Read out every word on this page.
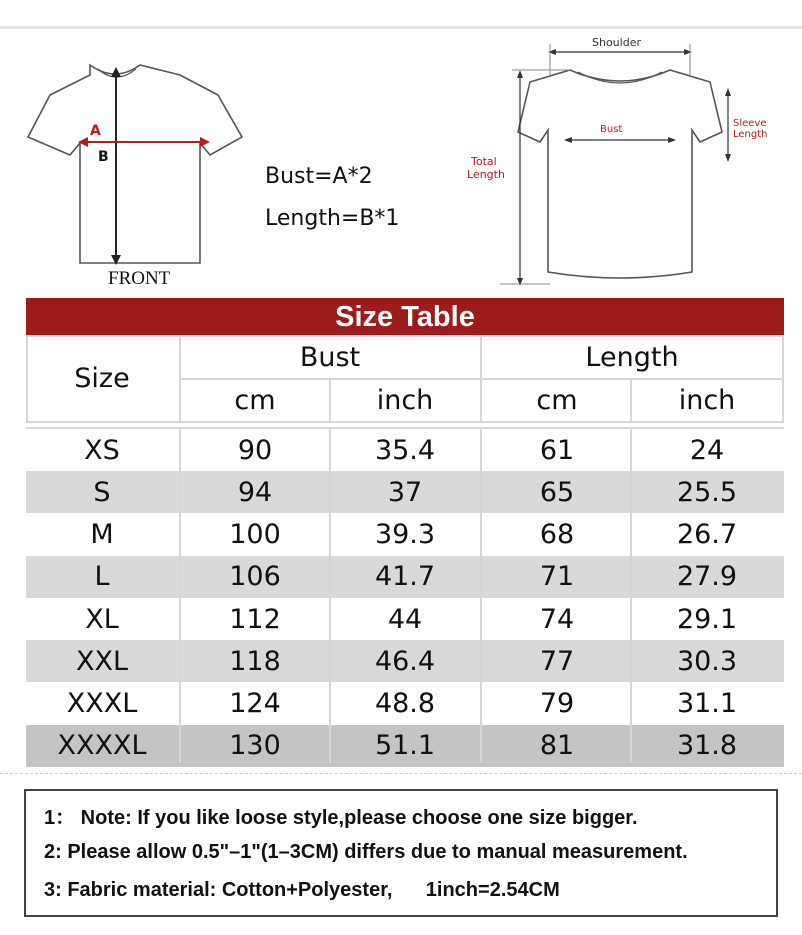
A
B
FRONT
Bust=A*2
Length=B*1
Shoulder
Bust
Total
Length
Sleeve
Length
Size Table
Size
Bust	Length
cm	inch	cm	inch
XS	90	35.4	61	24
S	94	37	65	25.5
M	100	39.3	68	26.7
L	106	41.7	71	27.9
XL	112	44	74	29.1
XXL	118	46.4	77	30.3
XXXL	124	48.8	79	31.1
XXXXL	130	51.1	81	31.8
1： Note: If you like loose style,please choose one size bigger.
2: Please allow 0.5"–1"(1–3CM) differs due to manual measurement.
3: Fabric material: Cotton+Polyester,      1inch=2.54CM
